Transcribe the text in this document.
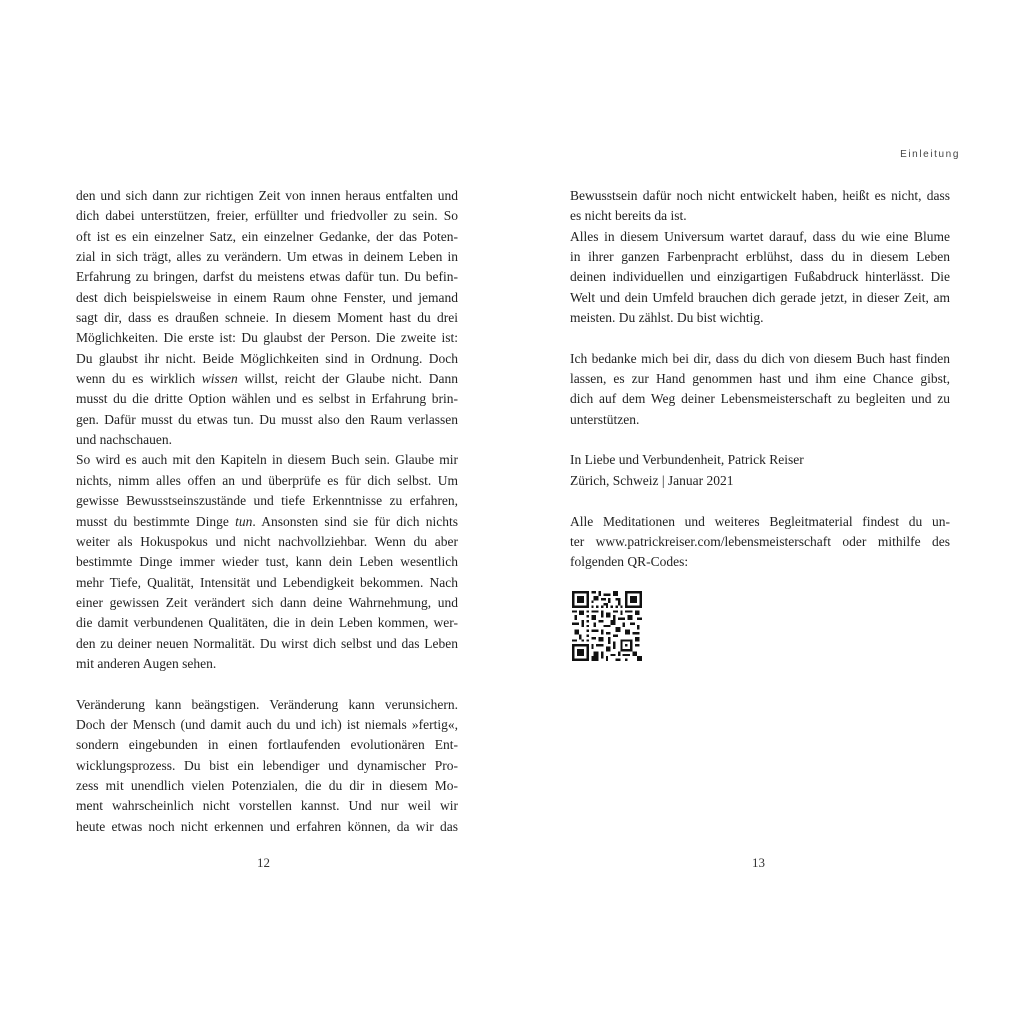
den und sich dann zur richtigen Zeit von innen heraus entfalten und
dich dabei unterstützen, freier, erfüllter und friedvoller zu sein. So
oft ist es ein einzelner Satz, ein einzelner Gedanke, der das Poten-
zial in sich trägt, alles zu verändern. Um etwas in deinem Leben in
Erfahrung zu bringen, darfst du meistens etwas dafür tun. Du befin-
dest dich beispielsweise in einem Raum ohne Fenster, und jemand
sagt dir, dass es draußen schneie. In diesem Moment hast du drei
Möglichkeiten. Die erste ist: Du glaubst der Person. Die zweite ist:
Du glaubst ihr nicht. Beide Möglichkeiten sind in Ordnung. Doch
wenn du es wirklich wissen willst, reicht der Glaube nicht. Dann
musst du die dritte Option wählen und es selbst in Erfahrung brin-
gen. Dafür musst du etwas tun. Du musst also den Raum verlassen
und nachschauen.
So wird es auch mit den Kapiteln in diesem Buch sein. Glaube mir
nichts, nimm alles offen an und überprüfe es für dich selbst. Um
gewisse Bewusstseinszustände und tiefe Erkenntnisse zu erfahren,
musst du bestimmte Dinge tun. Ansonsten sind sie für dich nichts
weiter als Hokuspokus und nicht nachvollziehbar. Wenn du aber
bestimmte Dinge immer wieder tust, kann dein Leben wesentlich
mehr Tiefe, Qualität, Intensität und Lebendigkeit bekommen. Nach
einer gewissen Zeit verändert sich dann deine Wahrnehmung, und
die damit verbundenen Qualitäten, die in dein Leben kommen, wer-
den zu deiner neuen Normalität. Du wirst dich selbst und das Leben
mit anderen Augen sehen.
Veränderung kann beängstigen. Veränderung kann verunsichern.
Doch der Mensch (und damit auch du und ich) ist niemals »fertig«,
sondern eingebunden in einen fortlaufenden evolutionären Ent-
wicklungsprozess. Du bist ein lebendiger und dynamischer Pro-
zess mit unendlich vielen Potenzialen, die du dir in diesem Mo-
ment wahrscheinlich nicht vorstellen kannst. Und nur weil wir
heute etwas noch nicht erkennen und erfahren können, da wir das
12
Einleitung
Bewusstsein dafür noch nicht entwickelt haben, heißt es nicht, dass
es nicht bereits da ist.
Alles in diesem Universum wartet darauf, dass du wie eine Blume
in ihrer ganzen Farbenpracht erblühst, dass du in diesem Leben
deinen individuellen und einzigartigen Fußabdruck hinterlässt. Die
Welt und dein Umfeld brauchen dich gerade jetzt, in dieser Zeit, am
meisten. Du zählst. Du bist wichtig.
Ich bedanke mich bei dir, dass du dich von diesem Buch hast finden
lassen, es zur Hand genommen hast und ihm eine Chance gibst,
dich auf dem Weg deiner Lebensmeisterschaft zu begleiten und zu
unterstützen.
In Liebe und Verbundenheit, Patrick Reiser
Zürich, Schweiz | Januar 2021
Alle Meditationen und weiteres Begleitmaterial findest du un-
ter www.patrickreiser.com/lebensmeisterschaft oder mithilfe des
folgenden QR-Codes:
13
